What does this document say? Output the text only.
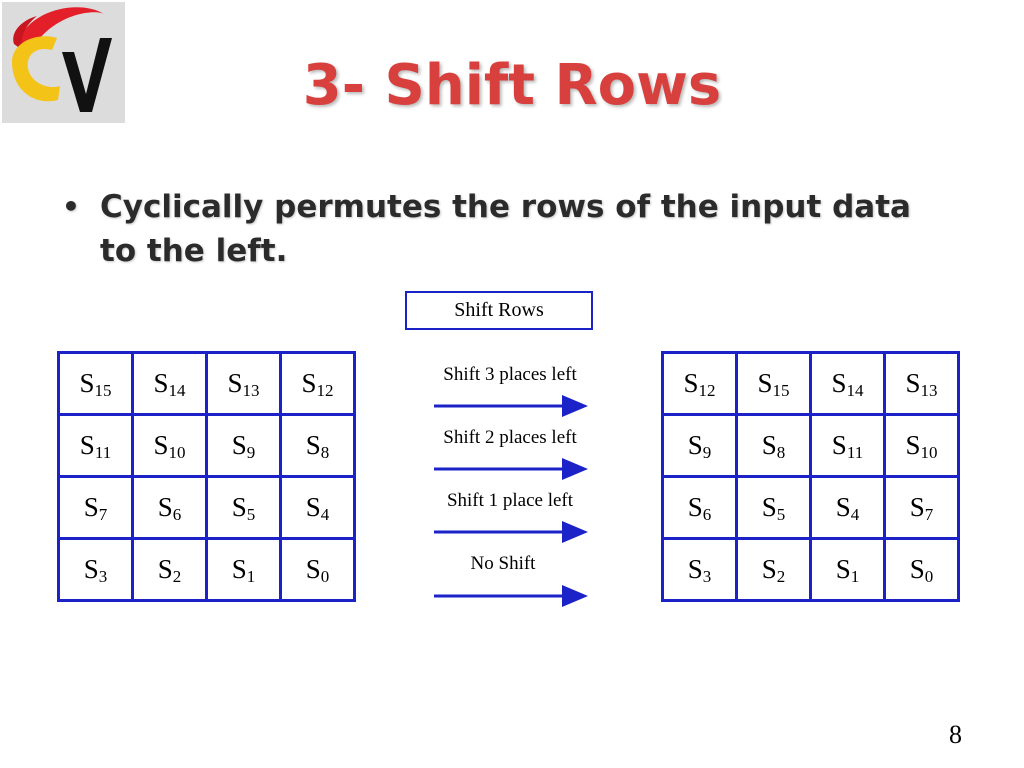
3- Shift Rows
• Cyclically permutes the rows of the input data to the left.
Shift Rows
$S_{15}$	$S_{14}$	$S_{13}$	$S_{12}$
$S_{11}$	$S_{10}$	$S_9$	$S_8$
$S_7$	$S_6$	$S_5$	$S_4$
$S_3$	$S_2$	$S_1$	$S_0$
$S_{12}$	$S_{15}$	$S_{14}$	$S_{13}$
$S_9$	$S_8$	$S_{11}$	$S_{10}$
$S_6$	$S_5$	$S_4$	$S_7$
$S_3$	$S_2$	$S_1$	$S_0$
Shift 3 places left
Shift 2 places left
Shift 1 place left
No Shift
8
